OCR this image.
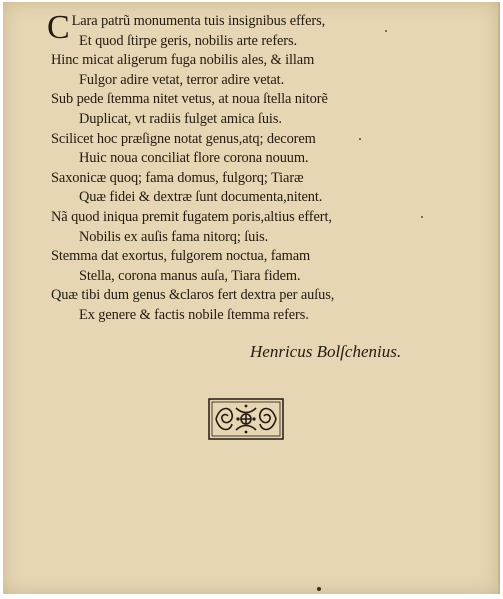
C Lara patrũ monumenta tuis insignibus effers,
Et quod ſtirpe geris, nobilis arte refers.
Hinc micat aligerum fuga nobilis ales, & illam
Fulgor adire vetat, terror adire vetat.
Sub pede ſtemma nitet vetus, at noua ſtella nitorẽ
Duplicat, vt radiis fulget amica ſuis.
Scilicet hoc præſigne notat genus,atq; decorem
Huic noua conciliat flore corona nouum.
Saxonicæ quoq; fama domus, fulgorq; Tiaræ
Quæ fidei & dextræ ſunt documenta,nitent.
Nã quod iniqua premit fugatem poris,altius effert,
Nobilis ex auſis fama nitorq; ſuis.
Stemma dat exortus, fulgorem noctua, famam
Stella, corona manus auſa, Tiara fidem.
Quæ tibi dum genus &claros fert dextra per auſus,
Ex genere & factis nobile ſtemma refers.
Henricus Bolſchenius.
